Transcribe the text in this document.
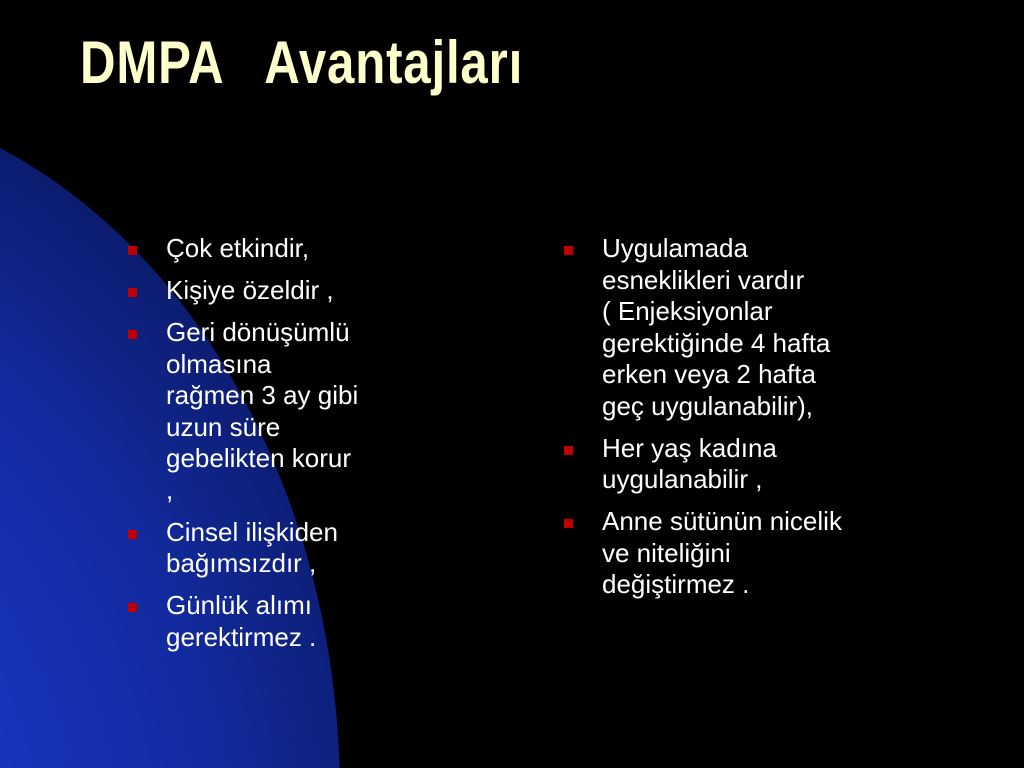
DMPA   Avantajları
Çok etkindir,
Kişiye özeldir ,
Geri dönüşümlü
olmasına
rağmen 3 ay gibi
uzun süre
gebelikten korur
,
Cinsel ilişkiden
bağımsızdır ,
Günlük alımı
gerektirmez .
Uygulamada
esneklikleri vardır
( Enjeksiyonlar
gerektiğinde 4 hafta
erken veya 2 hafta
geç uygulanabilir),
Her yaş kadına
uygulanabilir ,
Anne sütünün nicelik
ve niteliğini
değiştirmez .
